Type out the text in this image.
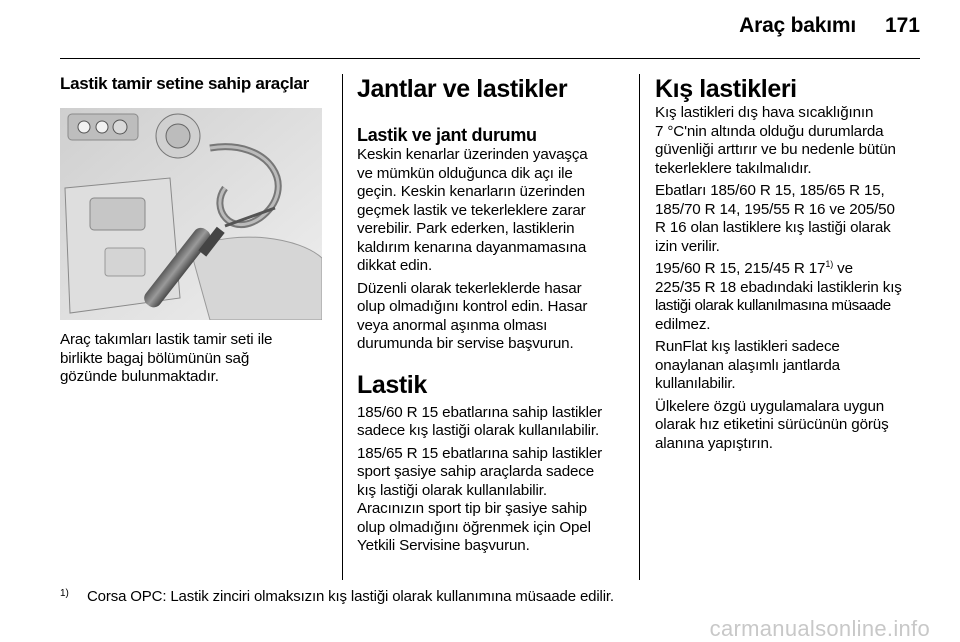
Araç bakımı 171
Lastik tamir setine sahip araçlar

Araç takımları lastik tamir seti ile

birlikte bagaj bölümünün sağ

gözünde bulunmaktadır.

Jantlar ve lastikler
Lastik ve jant durumu

Keskin kenarlar üzerinden yavaşça

ve mümkün olduğunca dik açı ile

geçin. Keskin kenarların üzerinden

geçmek lastik ve tekerleklere zarar

verebilir. Park ederken, lastiklerin

kaldırım kenarına dayanmamasına

dikkat edin.

Düzenli olarak tekerleklerde hasar

olup olmadığını kontrol edin. Hasar

veya anormal aşınma olması

durumunda bir servise başvurun.

Lastik

185/60 R 15 ebatlarına sahip lastikler

sadece kış lastiği olarak kullanılabilir.

185/65 R 15 ebatlarına sahip lastikler

sport şasiye sahip araçlarda sadece

kış lastiği olarak kullanılabilir.

Aracınızın sport tip bir şasiye sahip

olup olmadığını öğrenmek için Opel

Yetkili Servisine başvurun.

Kış lastikleri

Kış lastikleri dış hava sıcaklığının

7 °C'nin altında olduğu durumlarda

güvenliği arttırır ve bu nedenle bütün

tekerleklere takılmalıdır.

Ebatları 185/60 R 15, 185/65 R 15,

185/70 R 14, 195/55 R 16 ve 205/50

R 16 olan lastiklere kış lastiği olarak

izin verilir.

195/60 R 15, 215/45 R 17$^{1)}$ ve

225/35 R 18 ebadındaki lastiklerin kış

lastiği olarak kullanılmasına müsaade

edilmez.

RunFlat kış lastikleri sadece

onaylanan alaşımlı jantlarda

kullanılabilir.

Ülkelere özgü uygulamalara uygun

olarak hız etiketini sürücünün görüş

alanına yapıştırın.

1) Corsa OPC: Lastik zinciri olmaksızın kış lastiği olarak kullanımına müsaade edilir.
carmanualsonline.info
